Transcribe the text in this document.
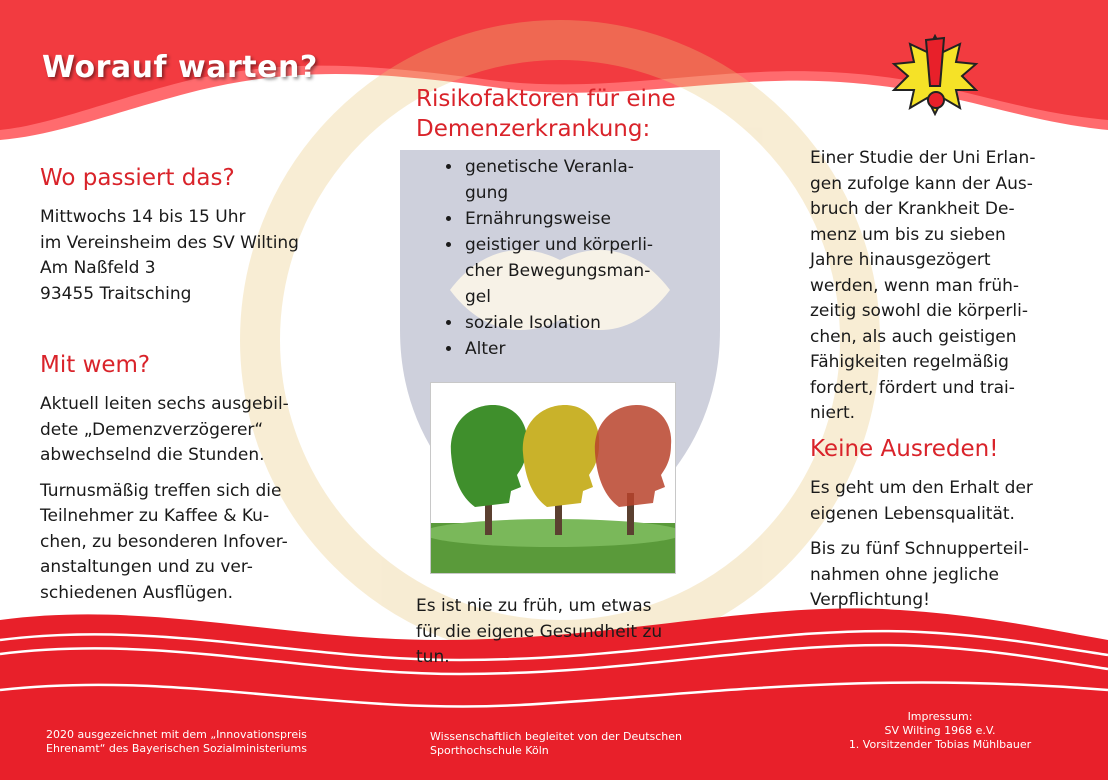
Worauf warten?
Wo passiert das?
Mittwochs 14 bis 15 Uhr
im Vereinsheim des SV Wilting
Am Naßfeld 3
93455 Traitsching
Mit wem?
Aktuell leiten sechs ausgebil-
dete „Demenzverzögerer“
abwechselnd die Stunden.
Turnusmäßig treffen sich die
Teilnehmer zu Kaffee & Ku-
chen, zu besonderen Infover-
anstaltungen und zu ver-
schiedenen Ausflügen.
Risikofaktoren für eine
Demenzerkrankung:
• genetische Veranla-
gung
• Ernährungsweise
• geistiger und körperli-
cher Bewegungsman-
gel
• soziale Isolation
• Alter
Es ist nie zu früh, um etwas
für die eigene Gesundheit zu
tun.
Einer Studie der Uni Erlan-
gen zufolge kann der Aus-
bruch der Krankheit De-
menz um bis zu sieben
Jahre hinausgezögert
werden, wenn man früh-
zeitig sowohl die körperli-
chen, als auch geistigen
Fähigkeiten regelmäßig
fordert, fördert und trai-
niert.
Keine Ausreden!
Es geht um den Erhalt der
eigenen Lebensqualität.
Bis zu fünf Schnupperteil-
nahmen ohne jegliche
Verpflichtung!
2020 ausgezeichnet mit dem „Innovationspreis
Ehrenamt“ des Bayerischen Sozialministeriums
Wissenschaftlich begleitet von der Deutschen
Sporthochschule Köln
Impressum:
SV Wilting 1968 e.V.
1. Vorsitzender Tobias Mühlbauer
